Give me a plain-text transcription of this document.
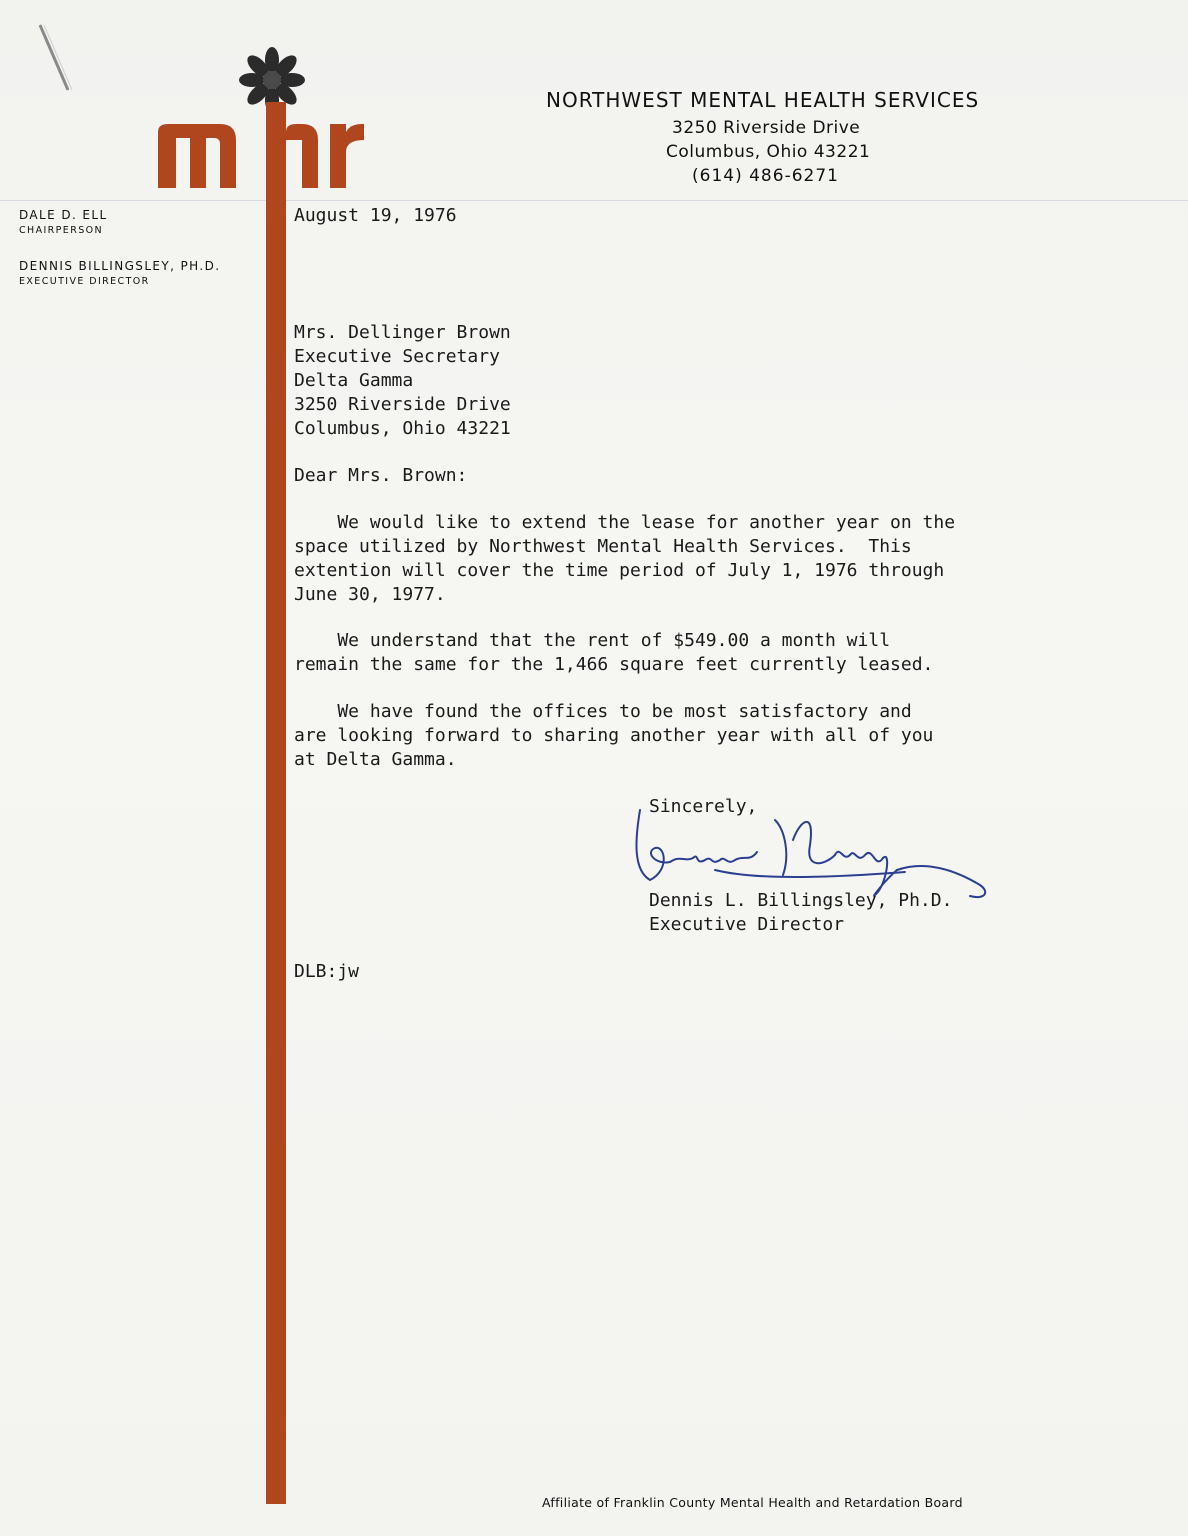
NORTHWEST MENTAL HEALTH SERVICES
3250 Riverside Drive
Columbus, Ohio 43221
(614) 486-6271
DALE D. ELL
CHAIRPERSON
DENNIS BILLINGSLEY, PH.D.
EXECUTIVE DIRECTOR
August 19, 1976
Mrs. Dellinger Brown
Executive Secretary
Delta Gamma
3250 Riverside Drive
Columbus, Ohio 43221
Dear Mrs. Brown:
We would like to extend the lease for another year on the
space utilized by Northwest Mental Health Services.  This
extention will cover the time period of July 1, 1976 through
June 30, 1977.
We understand that the rent of $549.00 a month will
remain the same for the 1,466 square feet currently leased.
We have found the offices to be most satisfactory and
are looking forward to sharing another year with all of you
at Delta Gamma.
Sincerely,
Dennis L. Billingsley, Ph.D.
Executive Director
DLB:jw
Affiliate of Franklin County Mental Health and Retardation Board
